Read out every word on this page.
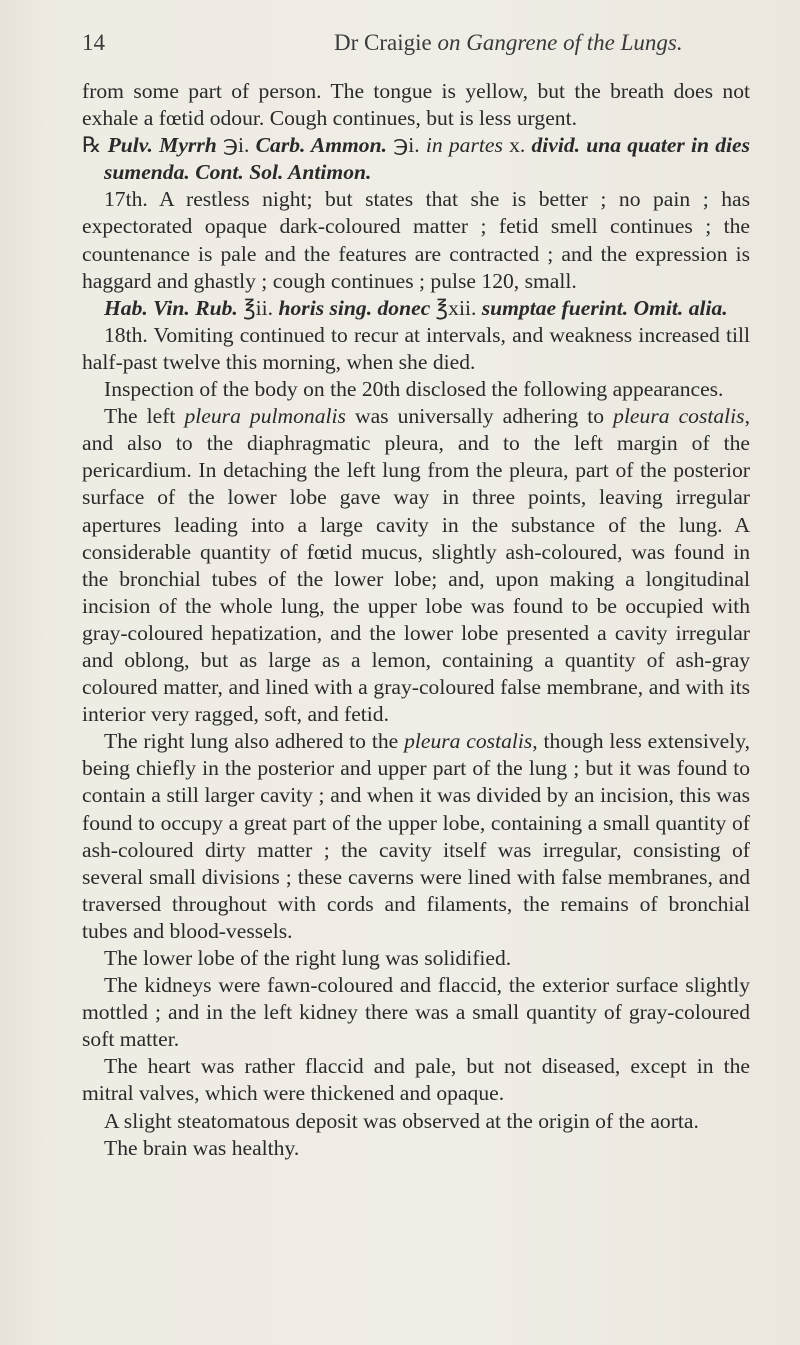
14	Dr Craigie on Gangrene of the Lungs.

from some part of person. The tongue is yellow, but the breath does not exhale a fœtid odour. Cough continues, but is less urgent.

℞ Pulv. Myrrh ℈i. Carb. Ammon. ℈i. in partes x. divid. una quater in dies sumenda. Cont. Sol. Antimon.

17th. A restless night; but states that she is better ; no pain ; has expectorated opaque dark-coloured matter ; fetid smell continues ; the countenance is pale and the features are contracted ; and the expression is haggard and ghastly ; cough continues ; pulse 120, small.

Hab. Vin. Rub. ℥ii. horis sing. donec ℥xii. sumptae fuerint. Omit. alia.

18th. Vomiting continued to recur at intervals, and weakness increased till half-past twelve this morning, when she died.

Inspection of the body on the 20th disclosed the following appearances.

The left pleura pulmonalis was universally adhering to pleura costalis, and also to the diaphragmatic pleura, and to the left margin of the pericardium. In detaching the left lung from the pleura, part of the posterior surface of the lower lobe gave way in three points, leaving irregular apertures leading into a large cavity in the substance of the lung. A considerable quantity of fœtid mucus, slightly ash-coloured, was found in the bronchial tubes of the lower lobe; and, upon making a longitudinal incision of the whole lung, the upper lobe was found to be occupied with gray-coloured hepatization, and the lower lobe presented a cavity irregular and oblong, but as large as a lemon, containing a quantity of ash-gray coloured matter, and lined with a gray-coloured false membrane, and with its interior very ragged, soft, and fetid.

The right lung also adhered to the pleura costalis, though less extensively, being chiefly in the posterior and upper part of the lung ; but it was found to contain a still larger cavity ; and when it was divided by an incision, this was found to occupy a great part of the upper lobe, containing a small quantity of ash-coloured dirty matter ; the cavity itself was irregular, consisting of several small divisions ; these caverns were lined with false membranes, and traversed throughout with cords and filaments, the remains of bronchial tubes and blood-vessels.

The lower lobe of the right lung was solidified.

The kidneys were fawn-coloured and flaccid, the exterior surface slightly mottled ; and in the left kidney there was a small quantity of gray-coloured soft matter.

The heart was rather flaccid and pale, but not diseased, except in the mitral valves, which were thickened and opaque.

A slight steatomatous deposit was observed at the origin of the aorta.

The brain was healthy.
